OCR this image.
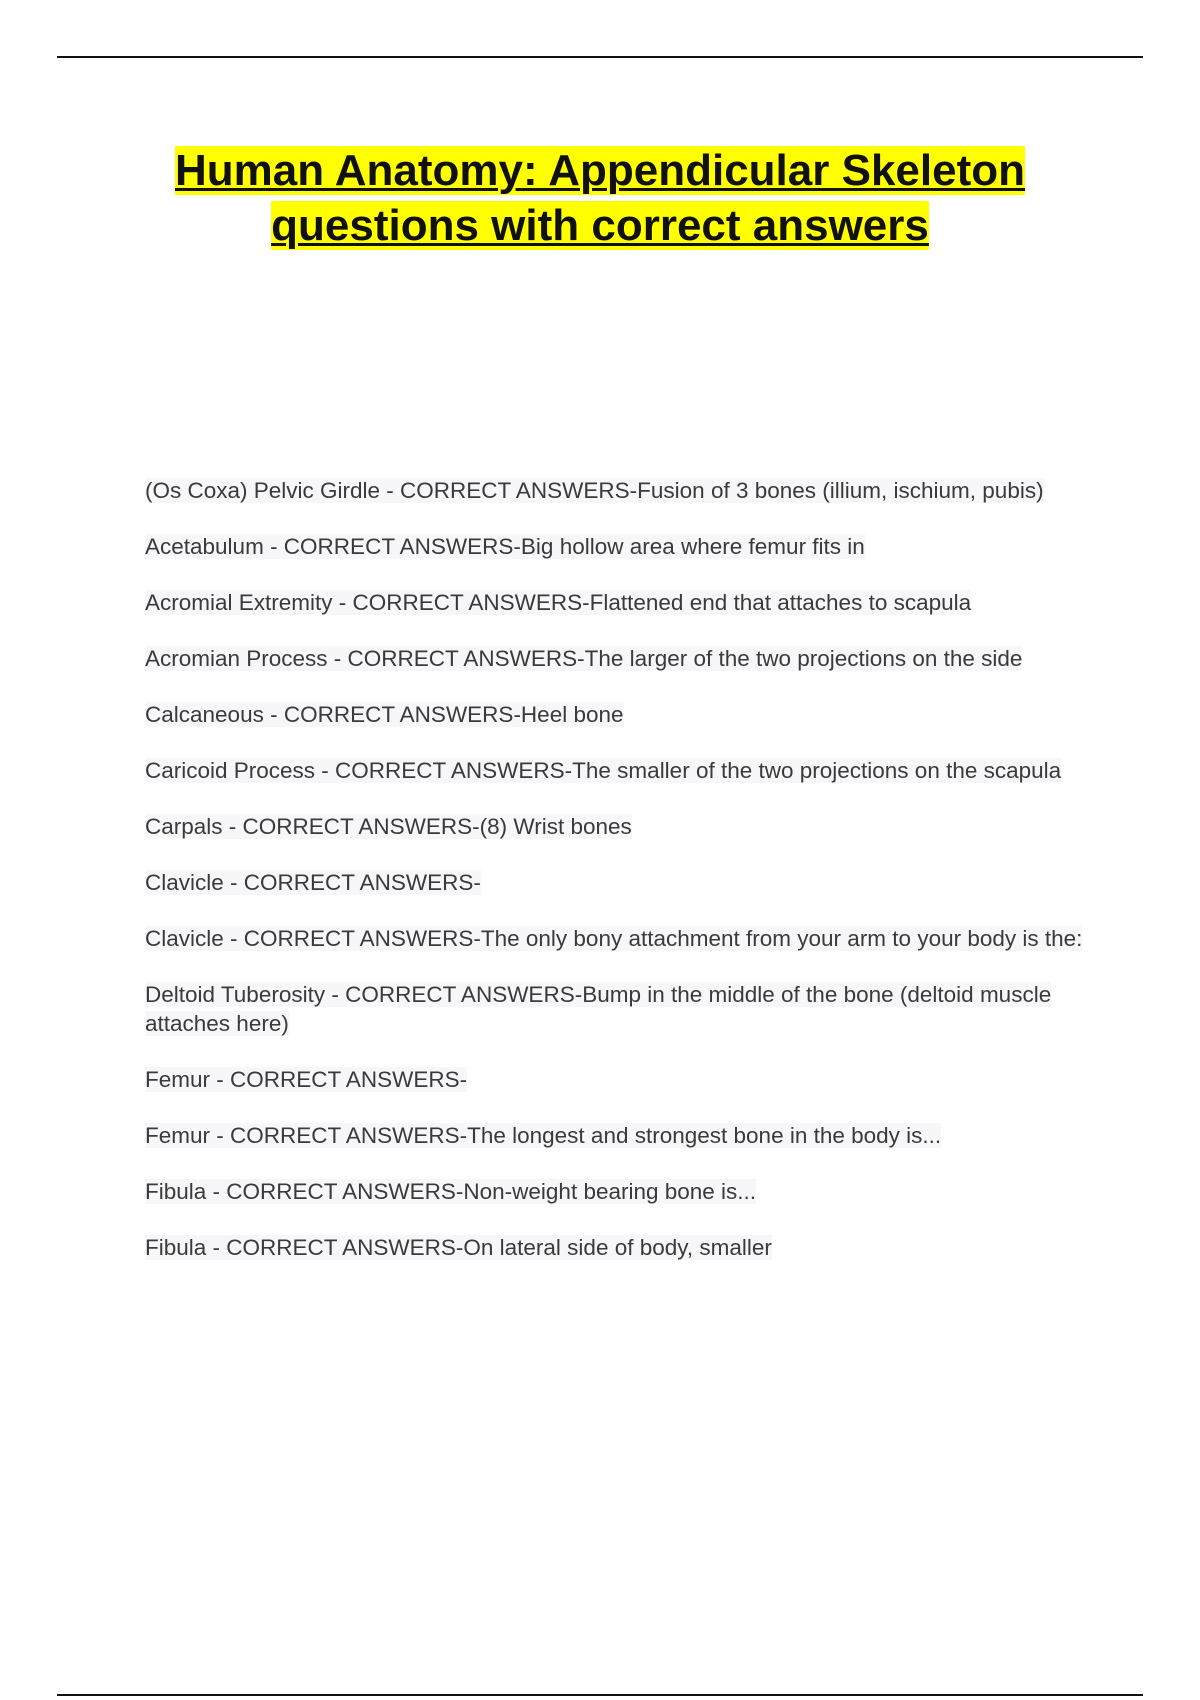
Human Anatomy: Appendicular Skeleton
questions with correct answers
(Os Coxa) Pelvic Girdle - CORRECT ANSWERS-Fusion of 3 bones (illium, ischium, pubis)
Acetabulum - CORRECT ANSWERS-Big hollow area where femur fits in
Acromial Extremity - CORRECT ANSWERS-Flattened end that attaches to scapula
Acromian Process - CORRECT ANSWERS-The larger of the two projections on the side
Calcaneous - CORRECT ANSWERS-Heel bone
Caricoid Process - CORRECT ANSWERS-The smaller of the two projections on the scapula
Carpals - CORRECT ANSWERS-(8) Wrist bones
Clavicle - CORRECT ANSWERS-
Clavicle - CORRECT ANSWERS-The only bony attachment from your arm to your body is the:
Deltoid Tuberosity - CORRECT ANSWERS-Bump in the middle of the bone (deltoid muscle attaches here)
Femur - CORRECT ANSWERS-
Femur - CORRECT ANSWERS-The longest and strongest bone in the body is...
Fibula - CORRECT ANSWERS-Non-weight bearing bone is...
Fibula - CORRECT ANSWERS-On lateral side of body, smaller
